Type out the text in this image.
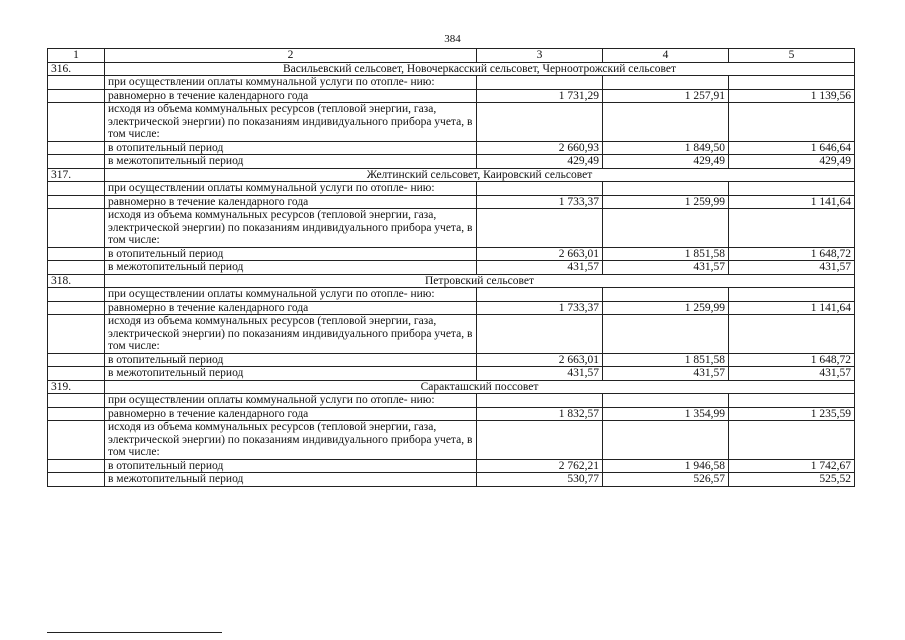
384
1	2	3	4	5
316.	Васильевский сельсовет, Новочеркасский сельсовет, Черноотрожский сельсовет			
	при осуществлении оплаты коммунальной услуги по отопле- нию:			
	равномерно в течение календарного года	1 731,29	1 257,91	1 139,56
	исходя из объема коммунальных ресурсов (тепловой энергии, газа, электрической энергии) по показаниям индивидуального прибора учета, в том числе:			
	в отопительный период	2 660,93	1 849,50	1 646,64
	в межотопительный период	429,49	429,49	429,49
317.	Желтинский сельсовет, Каировский сельсовет			
	при осуществлении оплаты коммунальной услуги по отопле- нию:			
	равномерно в течение календарного года	1 733,37	1 259,99	1 141,64
	исходя из объема коммунальных ресурсов (тепловой энергии, газа, электрической энергии) по показаниям индивидуального прибора учета, в том числе:			
	в отопительный период	2 663,01	1 851,58	1 648,72
	в межотопительный период	431,57	431,57	431,57
318.	Петровский сельсовет			
	при осуществлении оплаты коммунальной услуги по отопле- нию:			
	равномерно в течение календарного года	1 733,37	1 259,99	1 141,64
	исходя из объема коммунальных ресурсов (тепловой энергии, газа, электрической энергии) по показаниям индивидуального прибора учета, в том числе:			
	в отопительный период	2 663,01	1 851,58	1 648,72
	в межотопительный период	431,57	431,57	431,57
319.	Саракташский поссовет			
	при осуществлении оплаты коммунальной услуги по отопле- нию:			
	равномерно в течение календарного года	1 832,57	1 354,99	1 235,59
	исходя из объема коммунальных ресурсов (тепловой энергии, газа, электрической энергии) по показаниям индивидуального прибора учета, в том числе:			
	в отопительный период	2 762,21	1 946,58	1 742,67
	в межотопительный период	530,77	526,57	525,52
